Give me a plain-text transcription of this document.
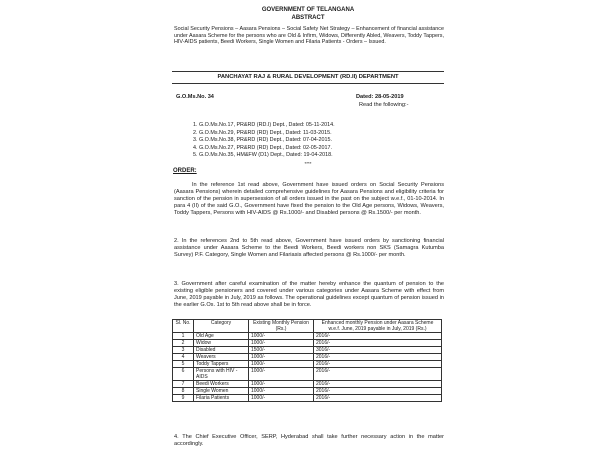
GOVERNMENT OF TELANGANA
ABSTRACT
Social Security Pensions – Aasara Pensions – Social Safety Net Strategy – Enhancement of financial assistance under Aasara Scheme for the persons who are Old & Infirm, Widows, Differently Abled, Weavers, Toddy Tappers, HIV-AIDS patients, Beedi Workers, Single Women and Filaria Patients - Orders – Issued.
PANCHAYAT RAJ & RURAL DEVELOPMENT (RD.II) DEPARTMENT
G.O.Ms.No. 34	Dated: 28-05-2019
Read the following:-
1. G.O.Ms.No.17, PR&RD (RD.I) Dept., Dated: 05-11-2014.
2. G.O.Ms.No.29, PR&RD (RD) Dept., Dated: 11-03-2015.
3. G.O.Ms.No.38, PR&RD (RD) Dept., Dated: 07-04-2015.
4. G.O.Ms.No.27, PR&RD (RD) Dept., Dated: 02-05-2017.
5. G.O.Ms.No.35, HM&FW (D1) Dept., Dated: 19-04-2018.
****
ORDER:
In the reference 1st read above, Government have issued orders on Social Security Pensions (Aasara Pensions) wherein detailed comprehensive guidelines for Aasara Pensions and eligibility criteria for sanction of the pension in supersession of all orders issued in the past on the subject w.e.f., 01-10-2014. In para 4 (II) of the said G.O., Government have fixed the pension to the Old Age persons, Widows, Weavers, Toddy Tappers, Persons with HIV-AIDS @ Rs.1000/- and Disabled persons @ Rs.1500/- per month.
2. In the references 2nd to 5th read above, Government have issued orders by sanctioning financial assistance under Aasara Scheme to the Beedi Workers, Beedi workers non SKS (Samagra Kutumba Survey) P.F. Category, Single Women and Filariasis affected persons @ Rs.1000/- per month.
3. Government after careful examination of the matter hereby enhance the quantum of pension to the existing eligible pensioners and covered under various categories under Aasara Scheme with effect from June, 2019 payable in July, 2019 as follows. The operational guidelines except quantum of pension issued in the earlier G.Os. 1st to 5th read above shall be in force.
Sl. No.	Category	Existing Monthly Pension (Rs.)	Enhanced monthly Pension under Aasara Scheme w.e.f. June, 2019 payable in July, 2019 (Rs.)
1	Old Age	1000/-	2016/-
2	Widow	1000/-	2016/-
3	Disabled	1500/-	3016/-
4	Weavers	1000/-	2016/-
5	Toddy Tappers	1000/-	2016/-
6	Persons with HIV - AIDS	1000/-	2016/-
7	Beedi Workers	1000/-	2016/-
8	Single Women	1000/-	2016/-
9	Filaria Patients	1000/-	2016/-
4. The Chief Executive Officer, SERP, Hyderabad shall take further necessary action in the matter accordingly.
